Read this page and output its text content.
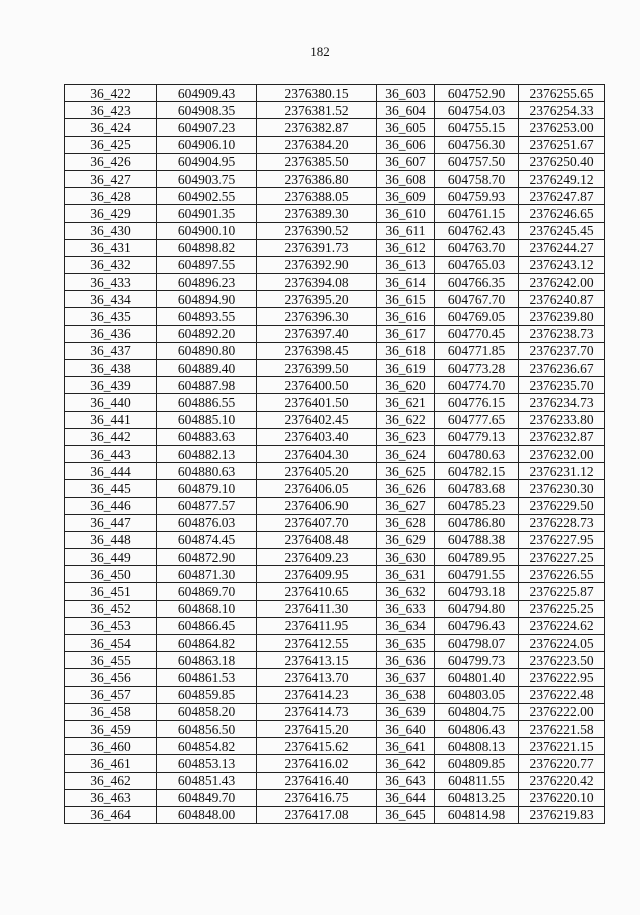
182
36_422	604909.43	2376380.15	36_603	604752.90	2376255.65
36_423	604908.35	2376381.52	36_604	604754.03	2376254.33
36_424	604907.23	2376382.87	36_605	604755.15	2376253.00
36_425	604906.10	2376384.20	36_606	604756.30	2376251.67
36_426	604904.95	2376385.50	36_607	604757.50	2376250.40
36_427	604903.75	2376386.80	36_608	604758.70	2376249.12
36_428	604902.55	2376388.05	36_609	604759.93	2376247.87
36_429	604901.35	2376389.30	36_610	604761.15	2376246.65
36_430	604900.10	2376390.52	36_611	604762.43	2376245.45
36_431	604898.82	2376391.73	36_612	604763.70	2376244.27
36_432	604897.55	2376392.90	36_613	604765.03	2376243.12
36_433	604896.23	2376394.08	36_614	604766.35	2376242.00
36_434	604894.90	2376395.20	36_615	604767.70	2376240.87
36_435	604893.55	2376396.30	36_616	604769.05	2376239.80
36_436	604892.20	2376397.40	36_617	604770.45	2376238.73
36_437	604890.80	2376398.45	36_618	604771.85	2376237.70
36_438	604889.40	2376399.50	36_619	604773.28	2376236.67
36_439	604887.98	2376400.50	36_620	604774.70	2376235.70
36_440	604886.55	2376401.50	36_621	604776.15	2376234.73
36_441	604885.10	2376402.45	36_622	604777.65	2376233.80
36_442	604883.63	2376403.40	36_623	604779.13	2376232.87
36_443	604882.13	2376404.30	36_624	604780.63	2376232.00
36_444	604880.63	2376405.20	36_625	604782.15	2376231.12
36_445	604879.10	2376406.05	36_626	604783.68	2376230.30
36_446	604877.57	2376406.90	36_627	604785.23	2376229.50
36_447	604876.03	2376407.70	36_628	604786.80	2376228.73
36_448	604874.45	2376408.48	36_629	604788.38	2376227.95
36_449	604872.90	2376409.23	36_630	604789.95	2376227.25
36_450	604871.30	2376409.95	36_631	604791.55	2376226.55
36_451	604869.70	2376410.65	36_632	604793.18	2376225.87
36_452	604868.10	2376411.30	36_633	604794.80	2376225.25
36_453	604866.45	2376411.95	36_634	604796.43	2376224.62
36_454	604864.82	2376412.55	36_635	604798.07	2376224.05
36_455	604863.18	2376413.15	36_636	604799.73	2376223.50
36_456	604861.53	2376413.70	36_637	604801.40	2376222.95
36_457	604859.85	2376414.23	36_638	604803.05	2376222.48
36_458	604858.20	2376414.73	36_639	604804.75	2376222.00
36_459	604856.50	2376415.20	36_640	604806.43	2376221.58
36_460	604854.82	2376415.62	36_641	604808.13	2376221.15
36_461	604853.13	2376416.02	36_642	604809.85	2376220.77
36_462	604851.43	2376416.40	36_643	604811.55	2376220.42
36_463	604849.70	2376416.75	36_644	604813.25	2376220.10
36_464	604848.00	2376417.08	36_645	604814.98	2376219.83
